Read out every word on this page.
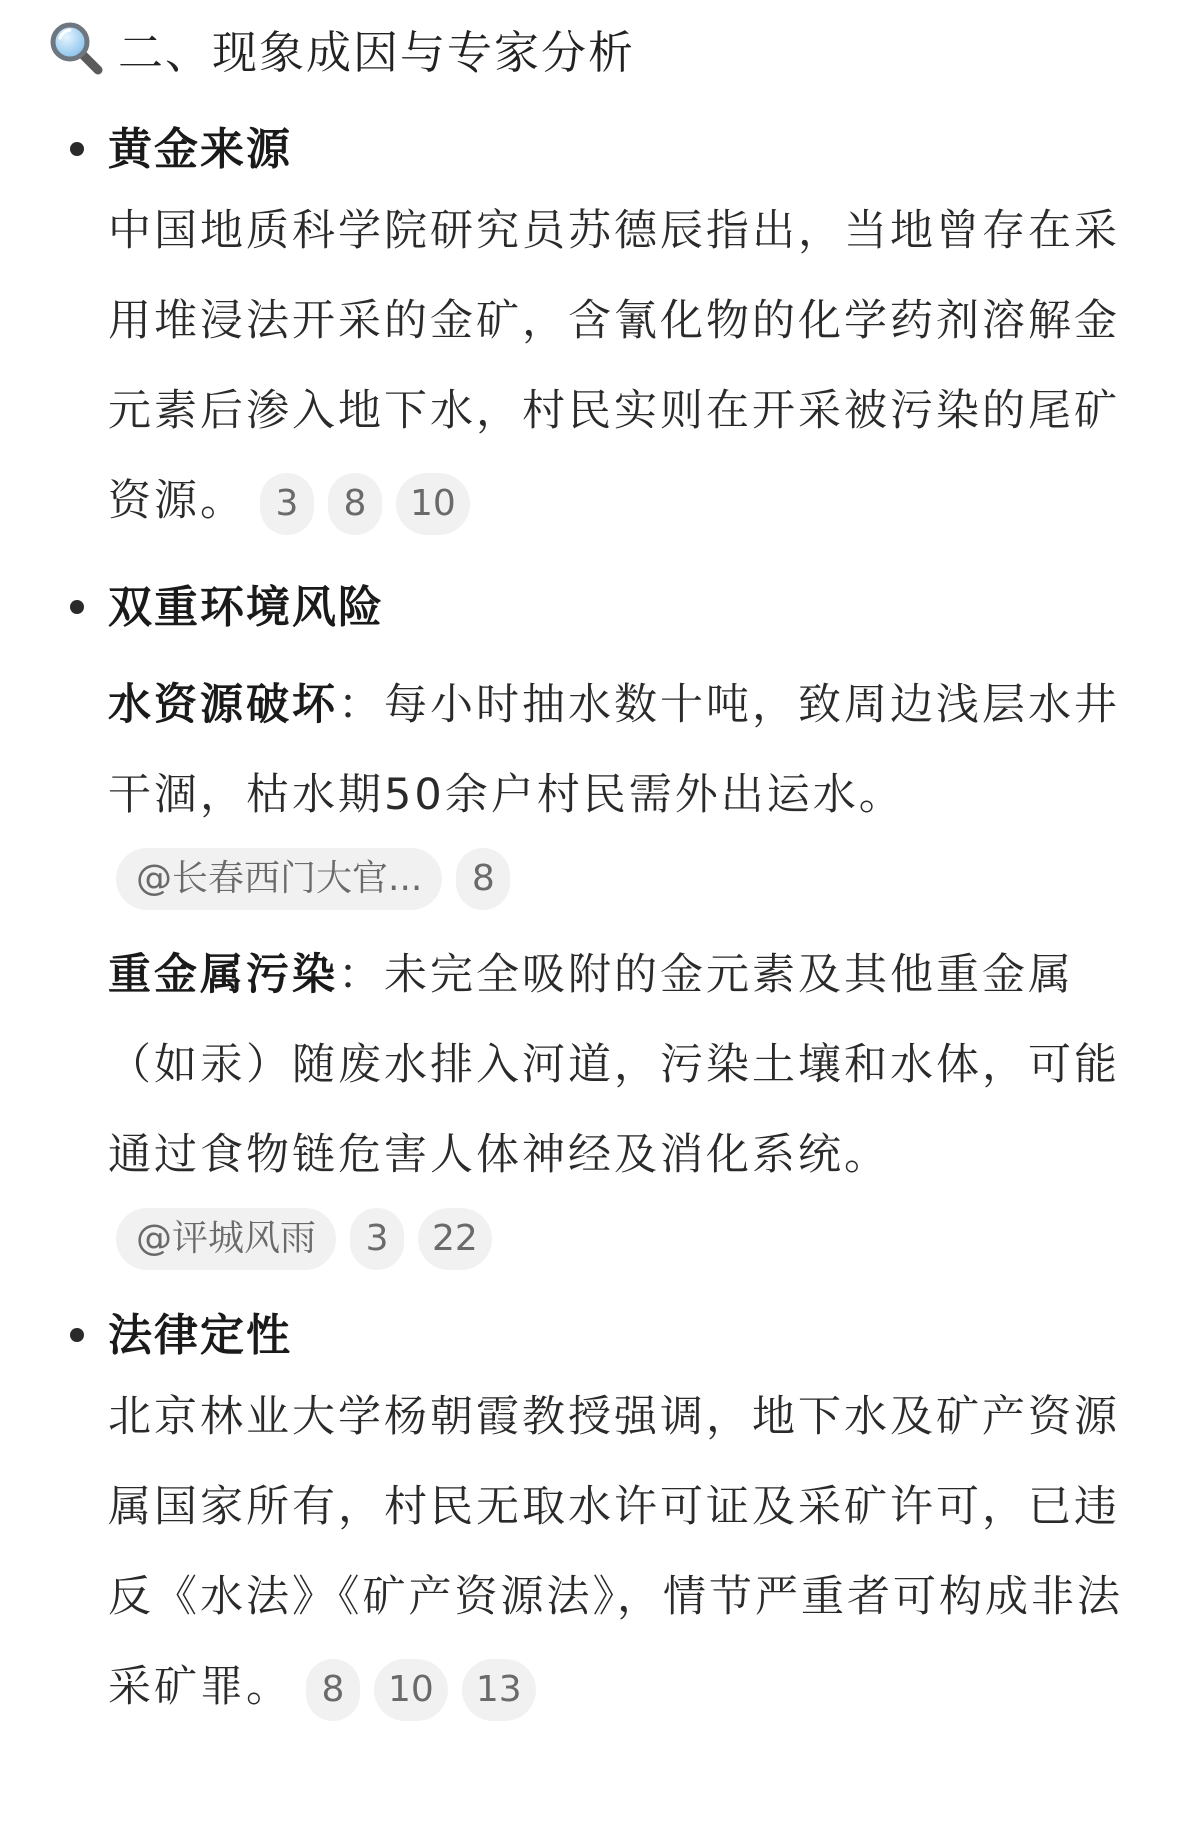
二、现象成因与专家分析
黄金来源
中国地质科学院研究员苏德辰指出，当地曾存在采用堆浸法开采的金矿，含氰化物的化学药剂溶解金元素后渗入地下水，村民实则在开采被污染的尾矿资源。 3 8 10
双重环境风险
水资源破坏：每小时抽水数十吨，致周边浅层水井干涸，枯水期50余户村民需外出运水。
@长春西门大官...	8
重金属污染：未完全吸附的金元素及其他重金属（如汞）随废水排入河道，污染土壤和水体，可能通过食物链危害人体神经及消化系统。
@评城风雨	3	22
法律定性
北京林业大学杨朝霞教授强调，地下水及矿产资源属国家所有，村民无取水许可证及采矿许可，已违反《水法》《矿产资源法》，情节严重者可构成非法采矿罪。 8 10 13
